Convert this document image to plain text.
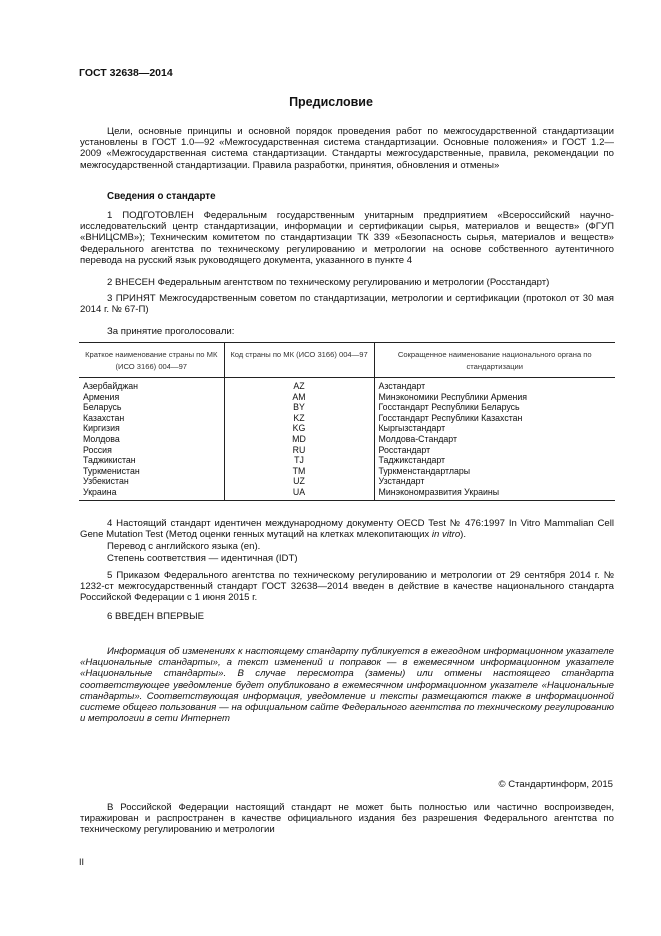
ГОСТ 32638—2014
Предисловие

Цели, основные принципы и основной порядок проведения работ по межгосударственной стандартизации установлены в ГОСТ 1.0—92 «Межгосударственная система стандартизации. Основные положения» и ГОСТ 1.2—2009 «Межгосударственная система стандартизации. Стандарты межгосударственные, правила, рекомендации по межгосударственной стандартизации. Правила разработки, принятия, обновления и отмены»

Сведения о стандарте

1 ПОДГОТОВЛЕН Федеральным государственным унитарным предприятием «Всероссийский научно-исследовательский центр стандартизации, информации и сертификации сырья, материалов и веществ» (ФГУП «ВНИЦСМВ»); Техническим комитетом по стандартизации ТК 339 «Безопасность сырья, материалов и веществ» Федерального агентства по техническому регулированию и метрологии на основе собственного аутентичного перевода на русский язык руководящего документа, указанного в пункте 4

2 ВНЕСЕН Федеральным агентством по техническому регулированию и метрологии (Росстандарт)

3 ПРИНЯТ Межгосударственным советом по стандартизации, метрологии и сертификации (протокол от 30 мая 2014 г. № 67-П)

За принятие проголосовали:
Краткое наименование страны по МК (ИСО 3166) 004—97	Код страны по МК (ИСО 3166) 004—97	Сокращенное наименование национального органа по стандартизации
Азербайджан	AZ	Азстандарт
Армения	AM	Минэкономики Республики Армения
Беларусь	BY	Госстандарт Республики Беларусь
Казахстан	KZ	Госстандарт Республики Казахстан
Киргизия	KG	Кыргызстандарт
Молдова	MD	Молдова-Стандарт
Россия	RU	Росстандарт
Таджикистан	TJ	Таджикстандарт
Туркменистан	TM	Туркменстандартлары
Узбекистан	UZ	Узстандарт
Украина	UA	Минэкономразвития Украины

4 Настоящий стандарт идентичен международному документу OECD Test № 476:1997 In Vitro Mammalian Cell Gene Mutation Test (Метод оценки генных мутаций на клетках млекопитающих in vitro).

Перевод с английского языка (en).
Степень соответствия — идентичная (IDT)

5 Приказом Федерального агентства по техническому регулированию и метрологии от 29 сентября 2014 г. № 1232-ст межгосударственный стандарт ГОСТ 32638—2014 введен в действие в качестве национального стандарта Российской Федерации с 1 июня 2015 г.

6 ВВЕДЕН ВПЕРВЫЕ

Информация об изменениях к настоящему стандарту публикуется в ежегодном информационном указателе «Национальные стандарты», а текст изменений и поправок — в ежемесячном информационном указателе «Национальные стандарты». В случае пересмотра (замены) или отмены настоящего стандарта соответствующее уведомление будет опубликовано в ежемесячном информационном указателе «Национальные стандарты». Соответствующая информация, уведомление и тексты размещаются также в информационной системе общего пользования — на официальном сайте Федерального агентства по техническому регулированию и метрологии в сети Интернет

© Стандартинформ, 2015

В Российской Федерации настоящий стандарт не может быть полностью или частично воспроизведен, тиражирован и распространен в качестве официального издания без разрешения Федерального агентства по техническому регулированию и метрологии

II
